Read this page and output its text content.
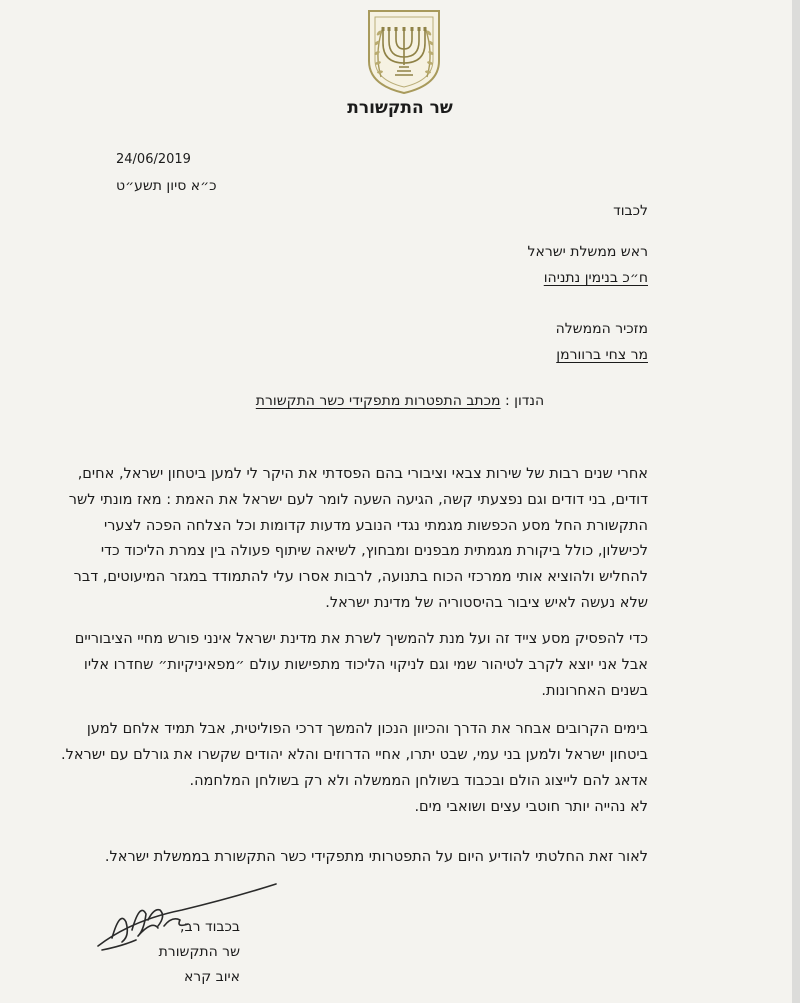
שר התקשורת
24/06/2019
כ״א סיון תשע״ט
לכבוד
ראש ממשלת ישראל
ח״כ בנימין נתניהו
מזכיר הממשלה
מר צחי ברוורמן
הנדון : מכתב התפטרות מתפקידי כשר התקשורת

אחרי שנים רבות של שירות צבאי וציבורי בהם הפסדתי את היקר לי למען ביטחון ישראל, אחים, דודים, בני דודים וגם נפצעתי קשה, הגיעה השעה לומר לעם ישראל את האמת : מאז מונתי לשר התקשורת החל מסע הכפשות מגמתי נגדי הנובע מדעות קדומות וכל הצלחה הפכה לצערי לכישלון, כולל ביקורת מגמתית מבפנים ומבחוץ, לשיאה שיתוף פעולה בין צמרת הליכוד כדי להחליש ולהוציא אותי ממרכזי הכוח בתנועה, לרבות אסרו עלי להתמודד במגזר המיעוטים, דבר שלא נעשה לאיש ציבור בהיסטוריה של מדינת ישראל.

כדי להפסיק מסע צייד זה ועל מנת להמשיך לשרת את מדינת ישראל אינני פורש מחיי הציבוריים אבל אני יוצא לקרב לטיהור שמי וגם לניקוי הליכוד מתפישות עולם ״מפאיניקיות״ שחדרו אליו בשנים האחרונות.

בימים הקרובים אבחר את הדרך והכיוון הנכון להמשך דרכי הפוליטית, אבל תמיד אלחם למען ביטחון ישראל ולמען בני עמי, שבט יתרו, אחיי הדרוזים והלא יהודים שקשרו את גורלם עם ישראל. אדאג להם לייצוג הולם ובכבוד בשולחן הממשלה ולא רק בשולחן המלחמה.

לא נהייה יותר חוטבי עצים ושואבי מים.

לאור זאת החלטתי להודיע היום על התפטרותי מתפקידי כשר התקשורת בממשלת ישראל.

בכבוד רב,
שר התקשורת
איוב קרא
